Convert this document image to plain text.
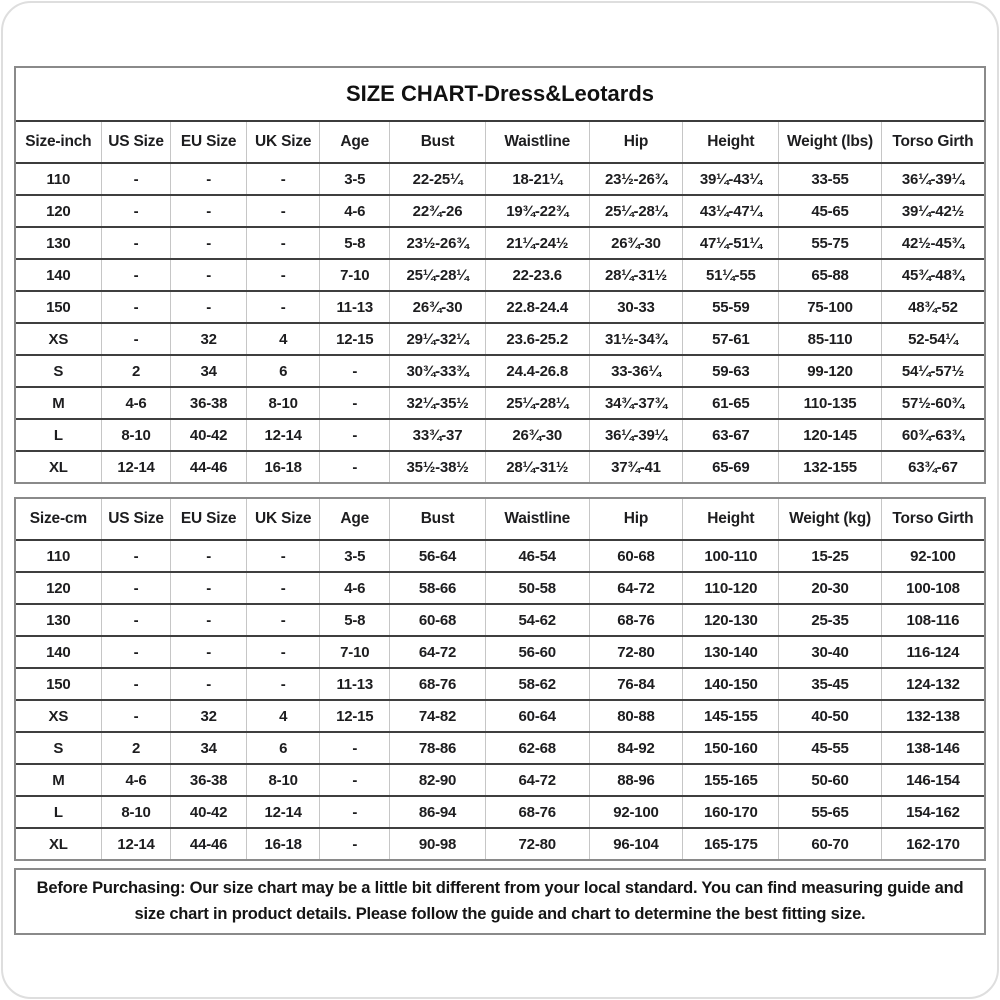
SIZE CHART-Dress&Leotards
Size-inch	US Size	EU Size	UK Size	Age	Bust	Waistline	Hip	Height	Weight (lbs)	Torso Girth
110	-	-	-	3-5	22-25¼	18-21¼	23½-26¾	39¼-43¼	33-55	36¼-39¼
120	-	-	-	4-6	22¾-26	19¾-22¾	25¼-28¼	43¼-47¼	45-65	39¼-42½
130	-	-	-	5-8	23½-26¾	21¼-24½	26¾-30	47¼-51¼	55-75	42½-45¾
140	-	-	-	7-10	25¼-28¼	22-23.6	28¼-31½	51¼-55	65-88	45¾-48¾
150	-	-	-	11-13	26¾-30	22.8-24.4	30-33	55-59	75-100	48¾-52
XS	-	32	4	12-15	29¼-32¼	23.6-25.2	31½-34¾	57-61	85-110	52-54¼
S	2	34	6	-	30¾-33¾	24.4-26.8	33-36¼	59-63	99-120	54¼-57½
M	4-6	36-38	8-10	-	32¼-35½	25¼-28¼	34¾-37¾	61-65	110-135	57½-60¾
L	8-10	40-42	12-14	-	33¾-37	26¾-30	36¼-39¼	63-67	120-145	60¾-63¾
XL	12-14	44-46	16-18	-	35½-38½	28¼-31½	37¾-41	65-69	132-155	63¾-67
Size-cm	US Size	EU Size	UK Size	Age	Bust	Waistline	Hip	Height	Weight (kg)	Torso Girth
110	-	-	-	3-5	56-64	46-54	60-68	100-110	15-25	92-100
120	-	-	-	4-6	58-66	50-58	64-72	110-120	20-30	100-108
130	-	-	-	5-8	60-68	54-62	68-76	120-130	25-35	108-116
140	-	-	-	7-10	64-72	56-60	72-80	130-140	30-40	116-124
150	-	-	-	11-13	68-76	58-62	76-84	140-150	35-45	124-132
XS	-	32	4	12-15	74-82	60-64	80-88	145-155	40-50	132-138
S	2	34	6	-	78-86	62-68	84-92	150-160	45-55	138-146
M	4-6	36-38	8-10	-	82-90	64-72	88-96	155-165	50-60	146-154
L	8-10	40-42	12-14	-	86-94	68-76	92-100	160-170	55-65	154-162
XL	12-14	44-46	16-18	-	90-98	72-80	96-104	165-175	60-70	162-170

Before Purchasing: Our size chart may be a little bit different from your local standard. You can find measuring guide and size chart in product details. Please follow the guide and chart to determine the best fitting size.
